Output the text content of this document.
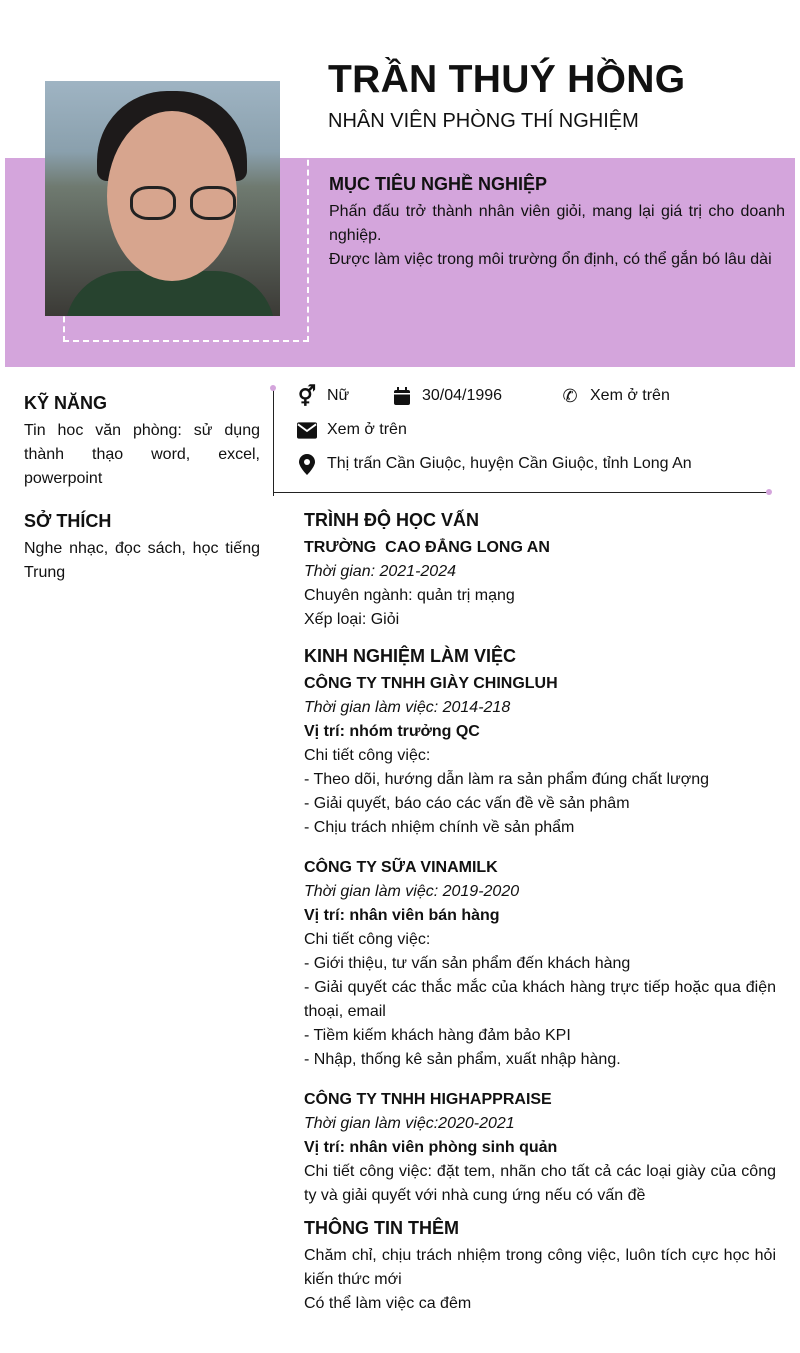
TRẦN THUÝ HỒNG
NHÂN VIÊN PHÒNG THÍ NGHIỆM
MỤC TIÊU NGHỀ NGHIỆP
Phấn đấu trở thành nhân viên giỏi, mang lại giá trị cho doanh nghiệp.
Được làm việc trong môi trường ổn định, có thể gắn bó lâu dài
KỸ NĂNG
Tin hoc văn phòng: sử dụng thành thạo word, excel, powerpoint
SỞ THÍCH
Nghe nhạc, đọc sách, học tiếng Trung
⚥ Nữ	30/04/1996	✆ Xem ở trên
Xem ở trên
Thị trấn Cần Giuộc, huyện Cần Giuộc, tỉnh Long An
TRÌNH ĐỘ HỌC VẤN
TRƯỜNG  CAO ĐẲNG LONG AN
Thời gian: 2021-2024
Chuyên ngành: quản trị mạng
Xếp loại: Giỏi
KINH NGHIỆM LÀM VIỆC
CÔNG TY TNHH GIÀY CHINGLUH
Thời gian làm việc: 2014-218
Vị trí: nhóm trưởng QC
Chi tiết công việc:
- Theo dõi, hướng dẫn làm ra sản phẩm đúng chất lượng
- Giải quyết, báo cáo các vấn đề về sản phâm
- Chịu trách nhiệm chính về sản phẩm
CÔNG TY SỮA VINAMILK
Thời gian làm việc: 2019-2020
Vị trí: nhân viên bán hàng
Chi tiết công việc:
- Giới thiệu, tư vấn sản phẩm đến khách hàng
- Giải quyết các thắc mắc của khách hàng trực tiếp hoặc qua điện thoại, email
- Tiềm kiếm khách hàng đảm bảo KPI
- Nhập, thống kê sản phẩm, xuất nhập hàng.
CÔNG TY TNHH HIGHAPPRAISE
Thời gian làm việc:2020-2021
Vị trí: nhân viên phòng sinh quản
Chi tiết công việc: đặt tem, nhãn cho tất cả các loại giày của công ty và giải quyết với nhà cung ứng nếu có vấn đề
THÔNG TIN THÊM
Chăm chỉ, chịu trách nhiệm trong công việc, luôn tích cực học hỏi kiến thức mới
Có thể làm việc ca đêm
